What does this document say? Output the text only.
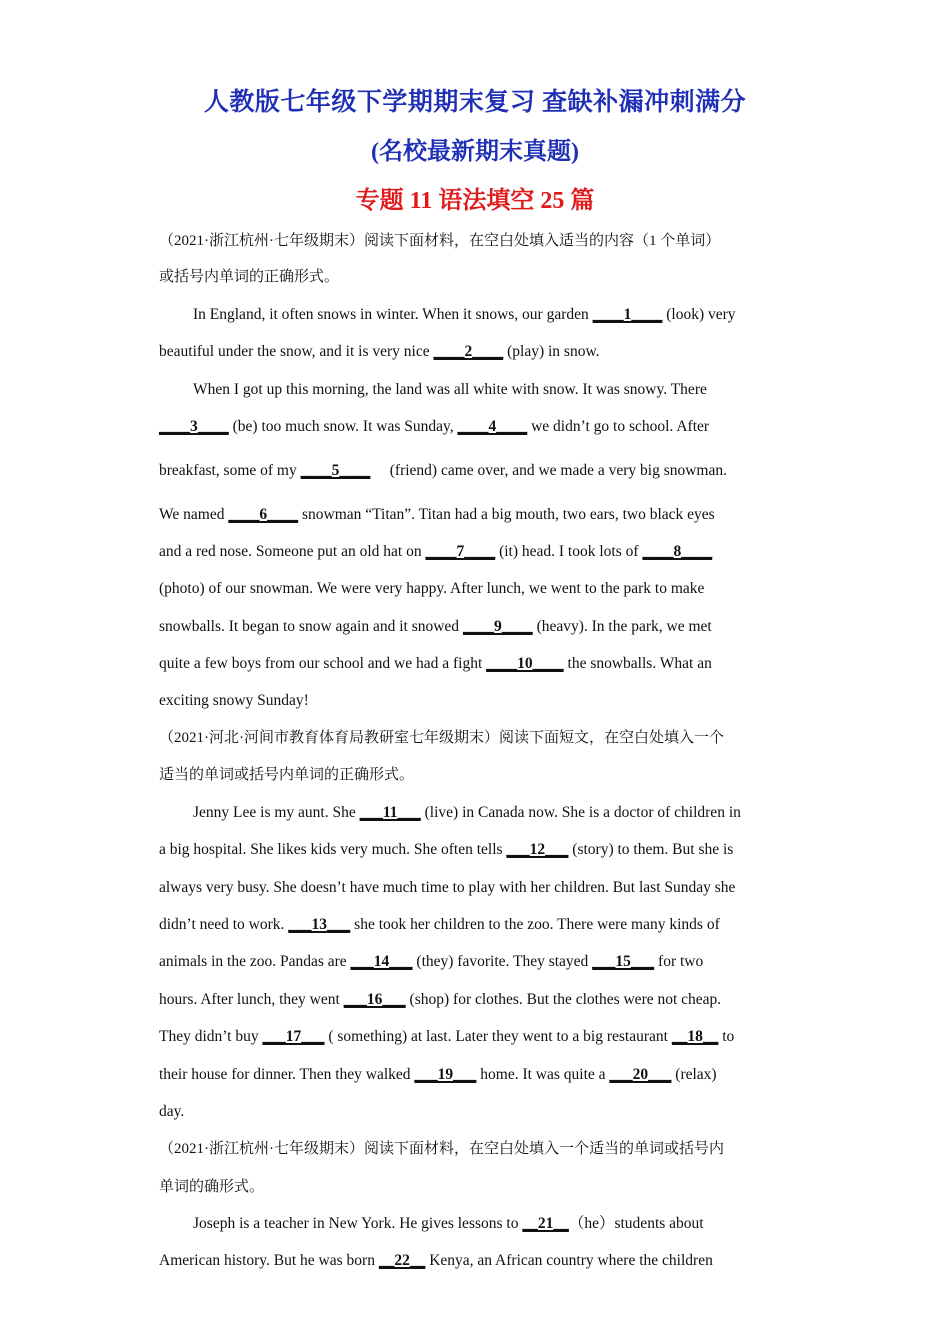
人教版七年级下学期期末复习 查缺补漏冲刺满分
(名校最新期末真题)
专题 11 语法填空 25 篇
（2021·浙江杭州·七年级期末）阅读下面材料，在空白处填入适当的内容（1 个单词）
或括号内单词的正确形式。
In England, it often snows in winter. When it snows, our garden ____1____ (look) very
beautiful under the snow, and it is very nice ____2____ (play) in snow.
When I got up this morning, the land was all white with snow. It was snowy. There
____3____ (be) too much snow. It was Sunday, ____4____ we didn’t go to school. After
breakfast, some of my ____5____     (friend) came over, and we made a very big snowman.
We named ____6____ snowman “Titan”. Titan had a big mouth, two ears, two black eyes
and a red nose. Someone put an old hat on ____7____ (it) head. I took lots of ____8____
(photo) of our snowman. We were very happy. After lunch, we went to the park to make
snowballs. It began to snow again and it snowed ____9____ (heavy). In the park, we met
quite a few boys from our school and we had a fight ____10____ the snowballs. What an
exciting snowy Sunday!
（2021·河北·河间市教育体育局教研室七年级期末）阅读下面短文，在空白处填入一个
适当的单词或括号内单词的正确形式。
Jenny Lee is my aunt. She ___11___ (live) in Canada now. She is a doctor of children in
a big hospital. She likes kids very much. She often tells ___12___ (story) to them. But she is
always very busy. She doesn’t have much time to play with her children. But last Sunday she
didn’t need to work. ___13___ she took her children to the zoo. There were many kinds of
animals in the zoo. Pandas are ___14___ (they) favorite. They stayed ___15___ for two
hours. After lunch, they went ___16___ (shop) for clothes. But the clothes were not cheap.
They didn’t buy ___17___ ( something) at last. Later they went to a big restaurant __18__ to
their house for dinner. Then they walked ___19___ home. It was quite a ___20___ (relax)
day.
（2021·浙江杭州·七年级期末）阅读下面材料，在空白处填入一个适当的单词或括号内
单词的确形式。
Joseph is a teacher in New York. He gives lessons to __21__（he）students about
American history. But he was born __22__ Kenya, an African country where the children
